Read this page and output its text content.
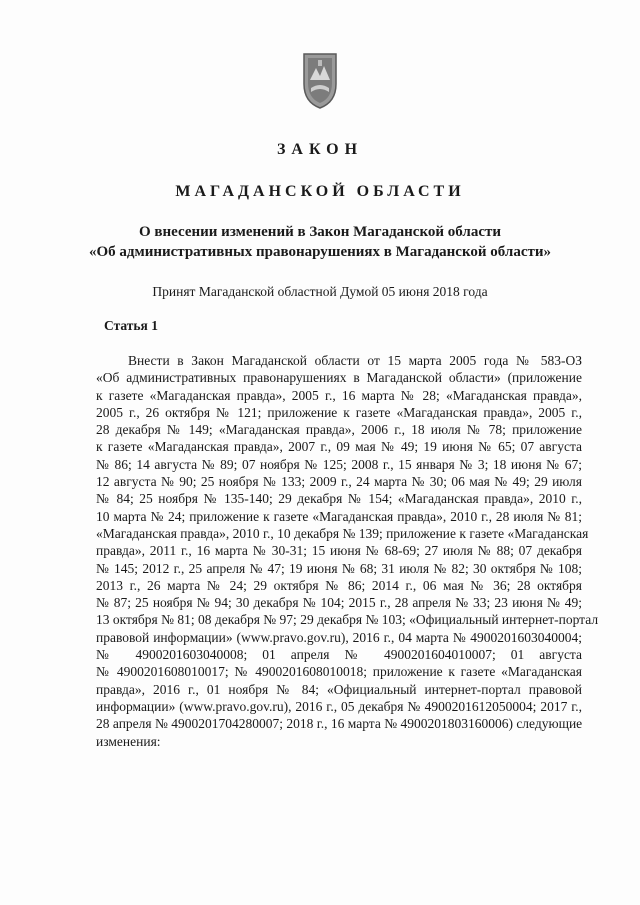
ЗАКОН
МАГАДАНСКОЙ ОБЛАСТИ
О внесении изменений в Закон Магаданской области
«Об административных правонарушениях в Магаданской области»
Принят Магаданской областной Думой 05 июня 2018 года
Статья 1
Внести в Закон Магаданской области от 15 марта 2005 года № 583-ОЗ
«Об административных правонарушениях в Магаданской области» (приложение
к газете «Магаданская правда», 2005 г., 16 марта № 28; «Магаданская правда»,
2005 г., 26 октября № 121; приложение к газете «Магаданская правда», 2005 г.,
28 декабря № 149; «Магаданская правда», 2006 г., 18 июля № 78; приложение
к газете «Магаданская правда», 2007 г., 09 мая № 49; 19 июня № 65; 07 августа
№ 86; 14 августа № 89; 07 ноября № 125; 2008 г., 15 января № 3; 18 июня № 67;
12 августа № 90; 25 ноября № 133; 2009 г., 24 марта № 30; 06 мая № 49; 29 июля
№ 84; 25 ноября № 135-140; 29 декабря № 154; «Магаданская правда», 2010 г.,
10 марта № 24; приложение к газете «Магаданская правда», 2010 г., 28 июля № 81;
«Магаданская правда», 2010 г., 10 декабря № 139; приложение к газете «Магаданская
правда», 2011 г., 16 марта № 30-31; 15 июня № 68-69; 27 июля № 88; 07 декабря
№ 145; 2012 г., 25 апреля № 47; 19 июня № 68; 31 июля № 82; 30 октября № 108;
2013 г., 26 марта № 24; 29 октября № 86; 2014 г., 06 мая № 36; 28 октября
№ 87; 25 ноября № 94; 30 декабря № 104; 2015 г., 28 апреля № 33; 23 июня № 49;
13 октября № 81; 08 декабря № 97; 29 декабря № 103; «Официальный интернет-портал
правовой информации» (www.pravo.gov.ru), 2016 г., 04 марта № 4900201603040004;
№ 4900201603040008; 01 апреля № 4900201604010007; 01 августа
№ 4900201608010017; № 4900201608010018; приложение к газете «Магаданская
правда», 2016 г., 01 ноября № 84; «Официальный интернет-портал правовой
информации» (www.pravo.gov.ru), 2016 г., 05 декабря № 4900201612050004; 2017 г.,
28 апреля № 4900201704280007; 2018 г., 16 марта № 4900201803160006) следующие
изменения:
